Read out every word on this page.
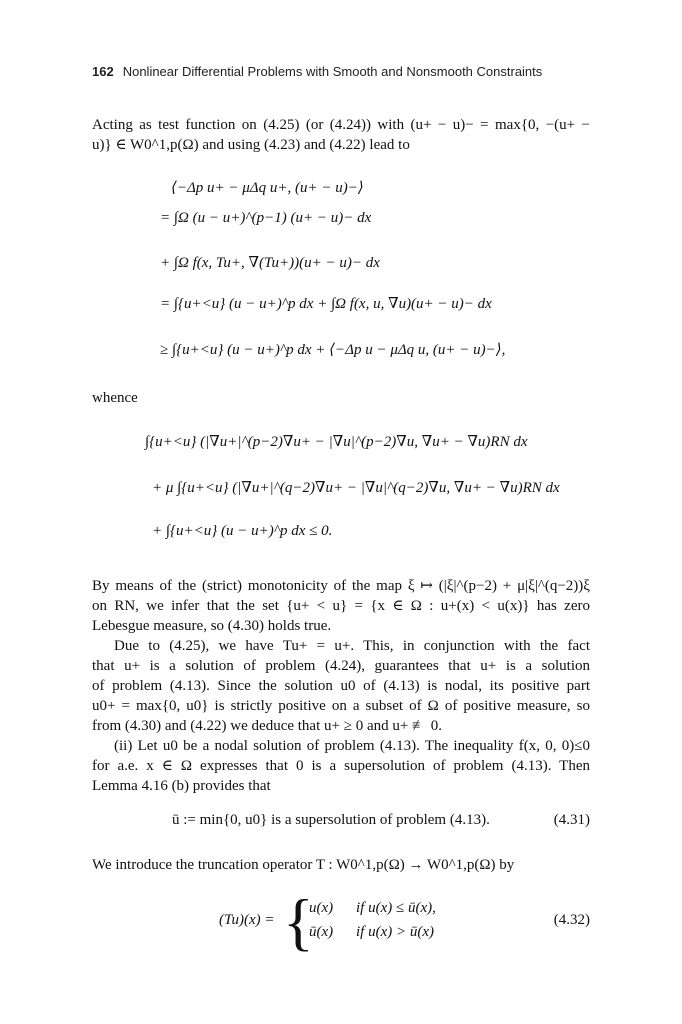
162 Nonlinear Differential Problems with Smooth and Nonsmooth Constraints
Acting as test function on (4.25) (or (4.24)) with (u+ − u)− = max{0, −(u+ −
u)} ∈ W0^1,p(Ω) and using (4.23) and (4.22) lead to
⟨−Δp u+ − μΔq u+, (u+ − u)−⟩
= ∫Ω (u − u+)^(p−1) (u+ − u)− dx
+ ∫Ω f(x, Tu+, ∇(Tu+))(u+ − u)− dx
= ∫{u+<u} (u − u+)^p dx + ∫Ω f(x, u, ∇u)(u+ − u)− dx
≥ ∫{u+<u} (u − u+)^p dx + ⟨−Δp u − μΔq u, (u+ − u)−⟩,
whence
∫{u+<u} (|∇u+|^(p−2)∇u+ − |∇u|^(p−2)∇u, ∇u+ − ∇u)RN dx
+ μ ∫{u+<u} (|∇u+|^(q−2)∇u+ − |∇u|^(q−2)∇u, ∇u+ − ∇u)RN dx
+ ∫{u+<u} (u − u+)^p dx ≤ 0.
By means of the (strict) monotonicity of the map ξ ↦ (|ξ|^(p−2) + μ|ξ|^(q−2))ξ
on RN, we infer that the set {u+ < u} = {x ∈ Ω : u+(x) < u(x)} has zero
Lebesgue measure, so (4.30) holds true.
Due to (4.25), we have Tu+ = u+. This, in conjunction with the fact
that u+ is a solution of problem (4.24), guarantees that u+ is a solution
of problem (4.13). Since the solution u0 of (4.13) is nodal, its positive part
u0+ = max{0, u0} is strictly positive on a subset of Ω of positive measure, so
from (4.30) and (4.22) we deduce that u+ ≥ 0 and u+ ≢ 0.
(ii) Let u0 be a nodal solution of problem (4.13). The inequality f(x, 0, 0)≤0
for a.e. x ∈ Ω expresses that 0 is a supersolution of problem (4.13). Then
Lemma 4.16 (b) provides that
ū := min{0, u0} is a supersolution of problem (4.13).	(4.31)
We introduce the truncation operator T : W0^1,p(Ω) → W0^1,p(Ω) by
(Tu)(x) = {
u(x) if u(x) ≤ ū(x),
ū(x) if u(x) > ū(x)
(4.32)
